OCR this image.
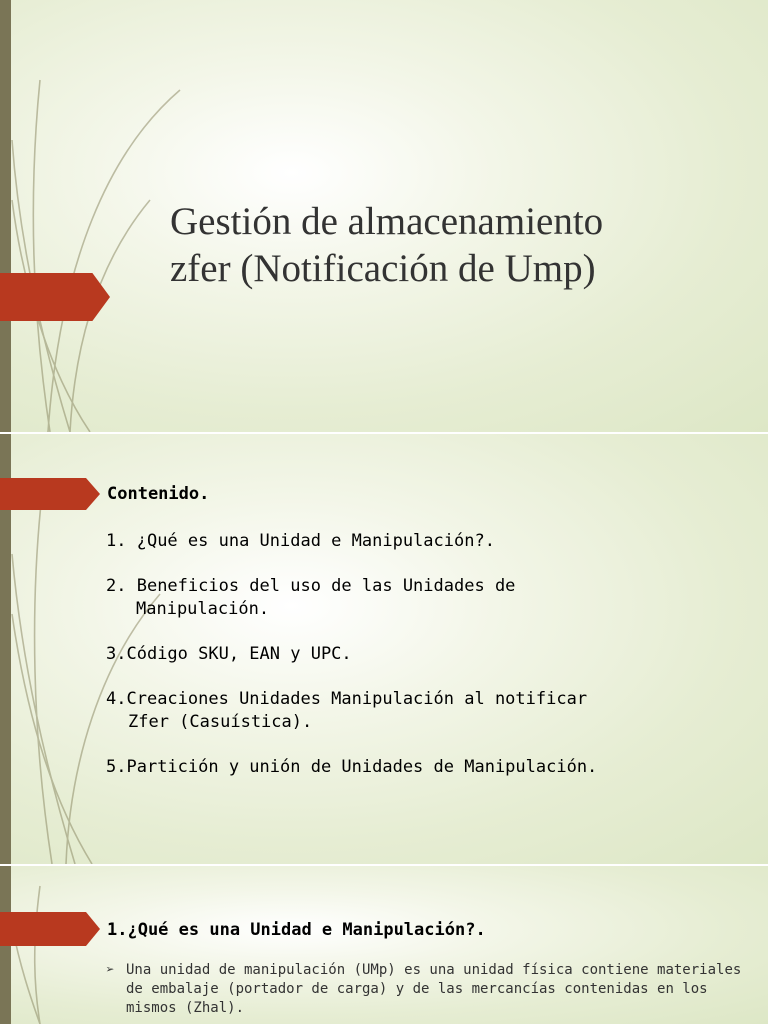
Gestión de almacenamiento
zfer (Notificación de Ump)
Contenido.
1. ¿Qué es una Unidad e Manipulación?.
2. Beneficios del uso de las Unidades de
Manipulación.
3.Código SKU, EAN y UPC.
4.Creaciones Unidades Manipulación al notificar
Zfer (Casuística).
5.Partición y unión de Unidades de Manipulación.
1.¿Qué es una Unidad e Manipulación?.

➢ Una unidad de manipulación (UMp) es una unidad física contiene materiales de embalaje (portador de carga) y de las mercancías contenidas en los mismos (Zhal).
